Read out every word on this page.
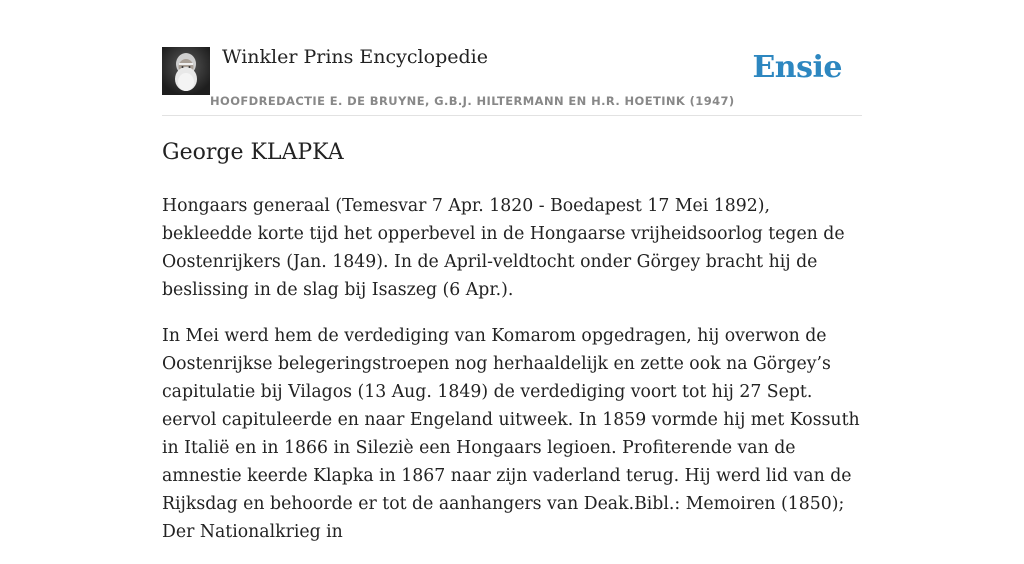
Winkler Prins Encyclopedie
HOOFDREDACTIE E. DE BRUYNE, G.B.J. HILTERMANN EN H.R. HOETINK (1947)
Ensie
George KLAPKA

Hongaars generaal (Temesvar 7 Apr. 1820 - Boedapest 17 Mei 1892), bekleedde korte tijd het opperbevel in de Hongaarse vrijheidsoorlog tegen de Oostenrijkers (Jan. 1849). In de April-veldtocht onder Görgey bracht hij de beslissing in de slag bij Isaszeg (6 Apr.).

In Mei werd hem de verdediging van Komarom opgedragen, hij overwon de Oostenrijkse belegeringstroepen nog herhaaldelijk en zette ook na Görgey’s capitulatie bij Vilagos (13 Aug. 1849) de verdediging voort tot hij 27 Sept. eervol capituleerde en naar Engeland uitweek. In 1859 vormde hij met Kossuth in Italië en in 1866 in Sileziè een Hongaars legioen. Profiterende van de amnestie keerde Klapka in 1867 naar zijn vaderland terug. Hij werd lid van de Rijksdag en behoorde er tot de aanhangers van Deak.Bibl.: Memoiren (1850); Der Nationalkrieg in
